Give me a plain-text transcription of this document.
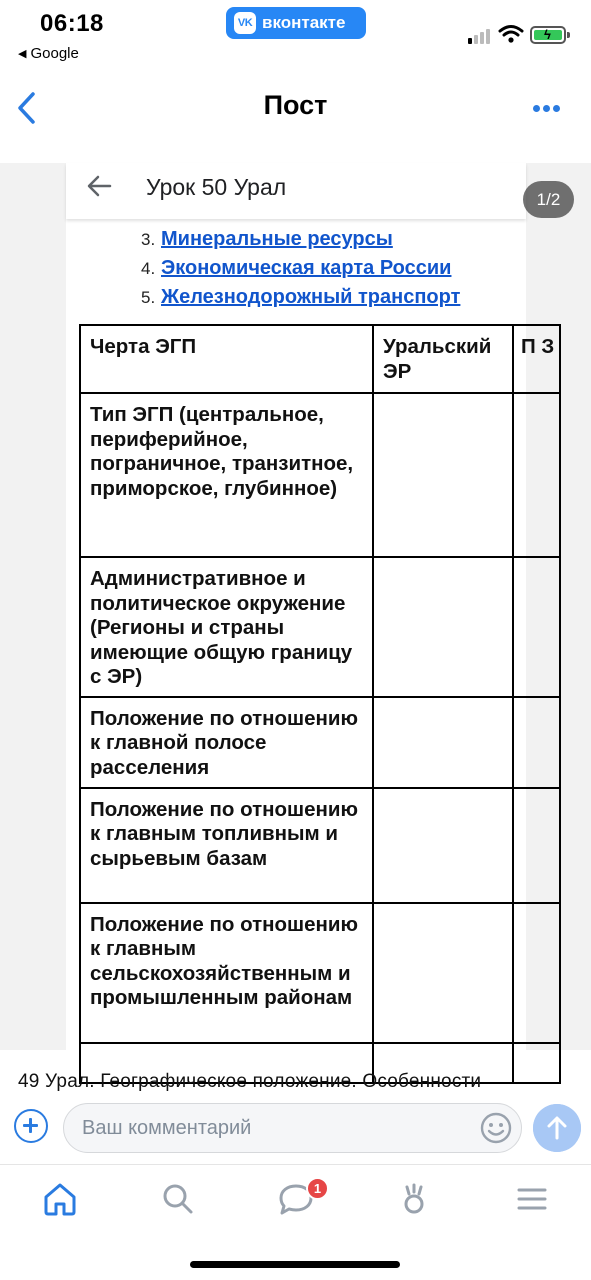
06:18
◀ Google
VK вконтакте
ϟ
Пост
Урок 50 Урал
3. Минеральные ресурсы
4. Экономическая карта России
5. Железнодорожный транспорт
Черта ЭГП	Уральский ЭР	П З
Тип ЭГП (центральное, периферийное, пограничное, транзитное, приморское, глубинное)		
Административное и политическое окружение (Регионы и страны имеющие общую границу с ЭР)		
Положение по отношению к главной полосе расселения		
Положение по отношению к главным топливным и сырьевым базам		
Положение по отношению к главным сельскохозяйственным и промышленным районам		

1/2
49 Урал. Географическое положение. Особенности
Ваш комментарий
1
